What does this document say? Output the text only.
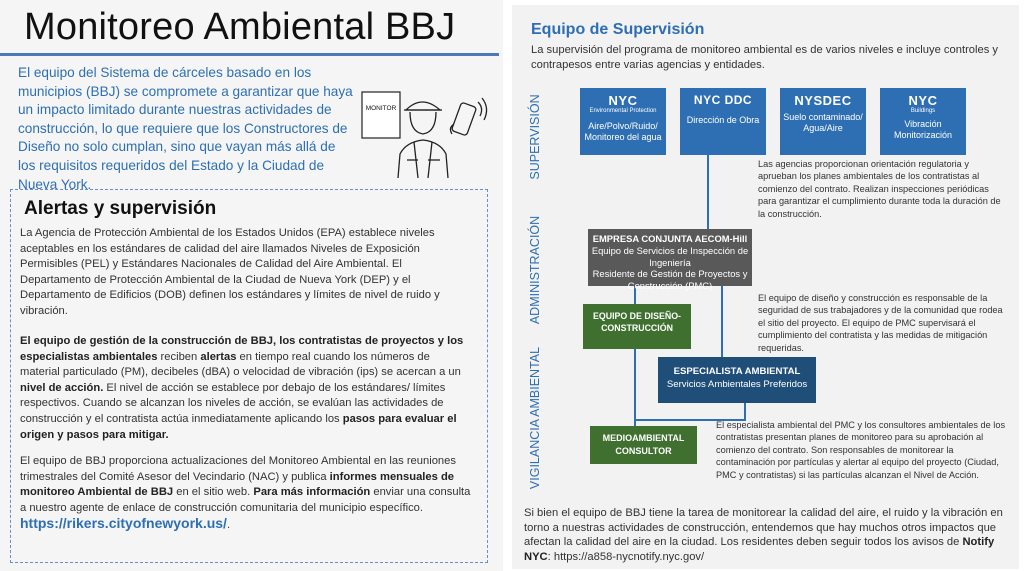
Monitoreo Ambiental BBJ
El equipo del Sistema de cárceles basado en los municipios (BBJ) se compromete a garantizar que haya un impacto limitado durante nuestras actividades de construcción, lo que requiere que los Constructores de Diseño no solo cumplan, sino que vayan más allá de los requisitos requeridos del Estado y la Ciudad de Nueva York.
MONITOR
Alertas y supervisión
La Agencia de Protección Ambiental de los Estados Unidos (EPA) establece niveles aceptables en los estándares de calidad del aire llamados Niveles de Exposición Permisibles (PEL) y Estándares Nacionales de Calidad del Aire Ambiental. El Departamento de Protección Ambiental de la Ciudad de Nueva York (DEP) y el Departamento de Edificios (DOB) definen los estándares y límites de nivel de ruido y vibración.
El equipo de gestión de la construcción de BBJ, los contratistas de proyectos y los especialistas ambientales reciben alertas en tiempo real cuando los números de material particulado (PM), decibeles (dBA) o velocidad de vibración (ips) se acercan a un nivel de acción. El nivel de acción se establece por debajo de los estándares/ límites respectivos. Cuando se alcanzan los niveles de acción, se evalúan las actividades de construcción y el contratista actúa inmediatamente aplicando los pasos para evaluar el origen y pasos para mitigar.
El equipo de BBJ proporciona actualizaciones del Monitoreo Ambiental en las reuniones trimestrales del Comité Asesor del Vecindario (NAC) y publica informes mensuales de monitoreo Ambiental de BBJ en el sitio web. Para más información enviar una consulta a nuestro agente de enlace de construcción comunitaria del municipio específico. https://rikers.cityofnewyork.us/.
Equipo de Supervisión
La supervisión del programa de monitoreo ambiental es de varios niveles e incluye controles y contrapesos entre varias agencias y entidades.
SUPERVISIÓN
ADMINISTRACIÓN
VIGILANCIA AMBIENTAL
NYC
Environmental Protection
Aire/Polvo/Ruido/ Monitoreo del agua
NYC DDC
Dirección de Obra
NYSDEC
Suelo contaminado/ Agua/Aire
NYC
Buildings
Vibración Monitorización
Las agencias proporcionan orientación regulatoria y aprueban los planes ambientales de los contratistas al comienzo del contrato. Realizan inspecciones periódicas para garantizar el cumplimiento durante toda la duración de la construcción.
EMPRESA CONJUNTA AECOM-Hill
Equipo de Servicios de Inspección de Ingeniería
Residente de Gestión de Proyectos y Construcción (PMC)
El equipo de diseño y construcción es responsable de la seguridad de sus trabajadores y de la comunidad que rodea el sitio del proyecto. El equipo de PMC supervisará el cumplimiento del contratista y las medidas de mitigación requeridas.
EQUIPO DE DISEÑO- CONSTRUCCIÓN
ESPECIALISTA AMBIENTAL
Servicios Ambientales Preferidos
El especialista ambiental del PMC y los consultores ambientales de los contratistas presentan planes de monitoreo para su aprobación al comienzo del contrato. Son responsables de monitorear la contaminación por partículas y alertar al equipo del proyecto (Ciudad, PMC y contratistas) si las partículas alcanzan el Nivel de Acción.
MEDIOAMBIENTAL CONSULTOR
Si bien el equipo de BBJ tiene la tarea de monitorear la calidad del aire, el ruido y la vibración en torno a nuestras actividades de construcción, entendemos que hay muchos otros impactos que afectan la calidad del aire en la ciudad. Los residentes deben seguir todos los avisos de Notify NYC: https://a858-nycnotify.nyc.gov/
